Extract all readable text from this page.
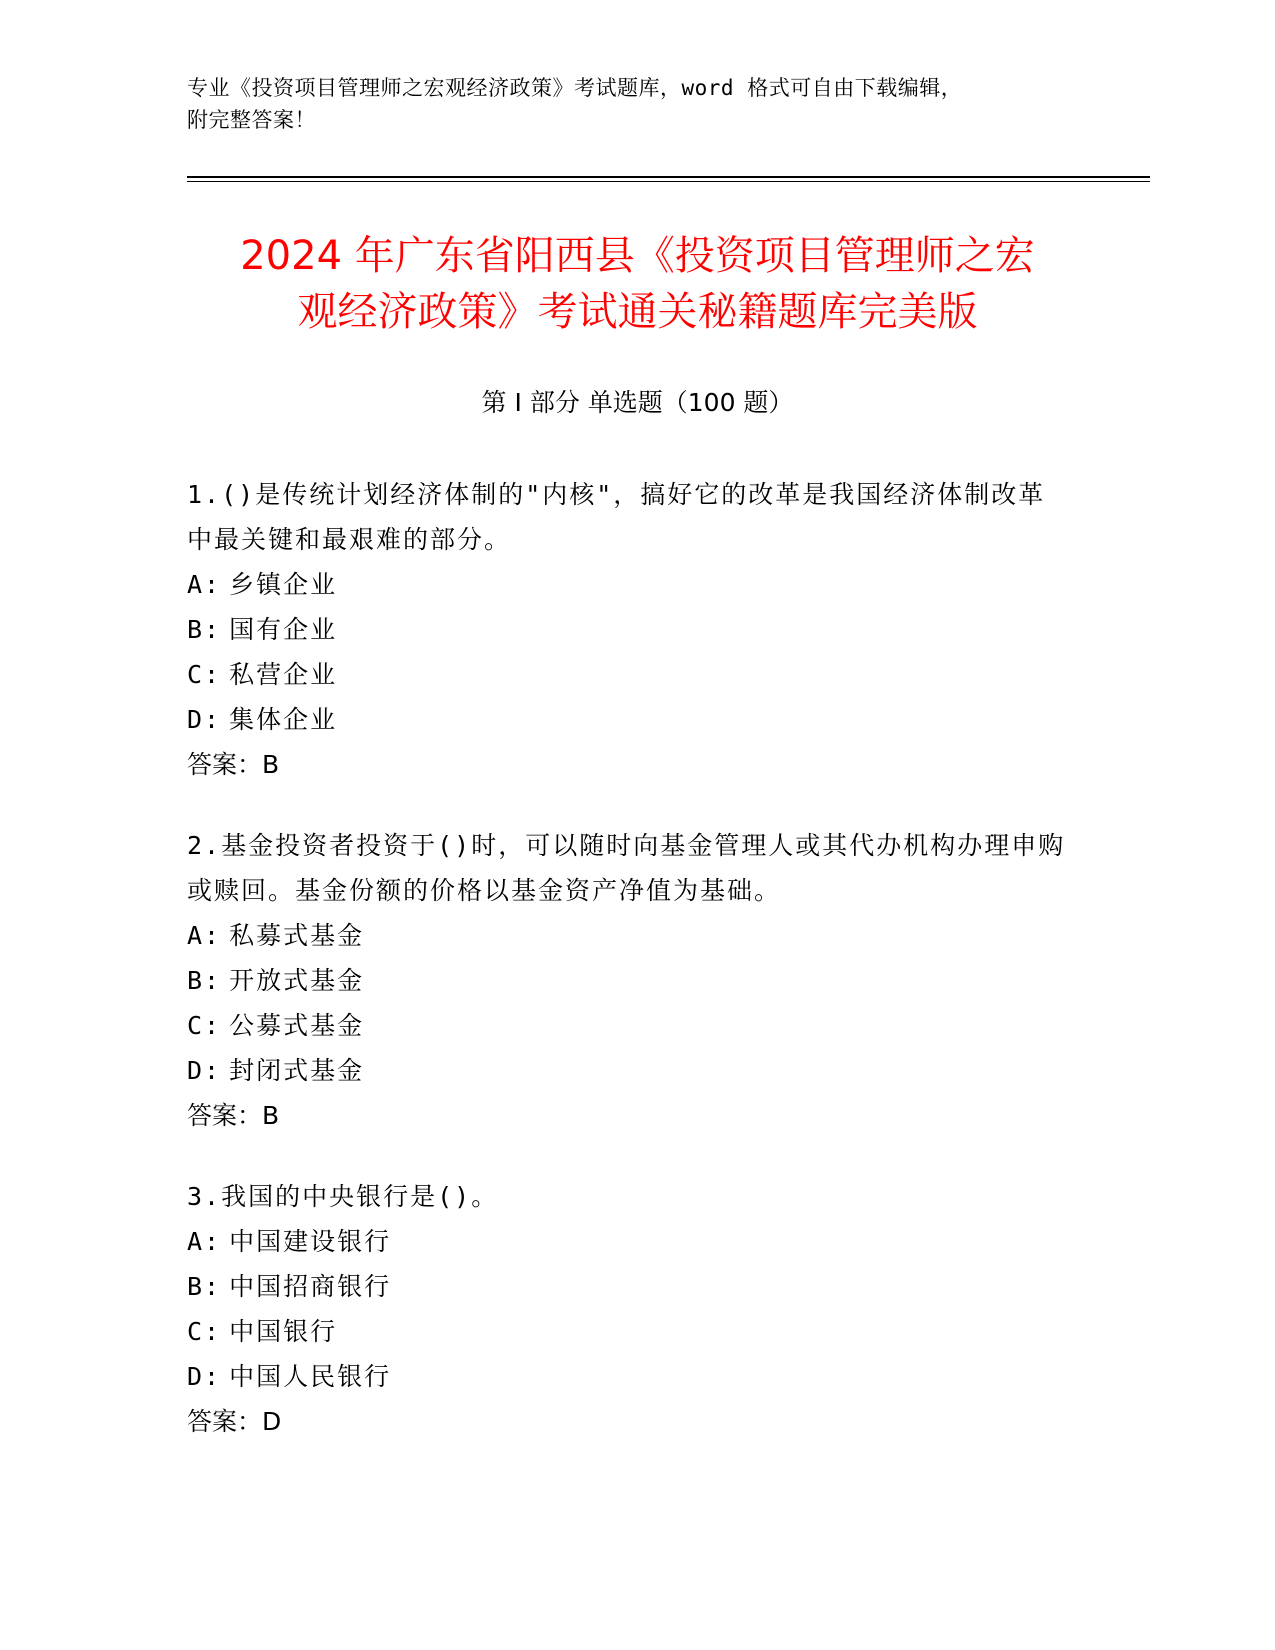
专业《投资项目管理师之宏观经济政策》考试题库，word 格式可自由下载编辑，
附完整答案！
2024 年广东省阳西县《投资项目管理师之宏
观经济政策》考试通关秘籍题库完美版
第 I 部分 单选题（100 题）
1.()是传统计划经济体制的"内核"，搞好它的改革是我国经济体制改革中最关键和最艰难的部分。
A: 乡镇企业
B: 国有企业
C: 私营企业
D: 集体企业
答案：B
2.基金投资者投资于()时，可以随时向基金管理人或其代办机构办理申购或赎回。基金份额的价格以基金资产净值为基础。
A: 私募式基金
B: 开放式基金
C: 公募式基金
D: 封闭式基金
答案：B
3.我国的中央银行是()。
A: 中国建设银行
B: 中国招商银行
C: 中国银行
D: 中国人民银行
答案：D
